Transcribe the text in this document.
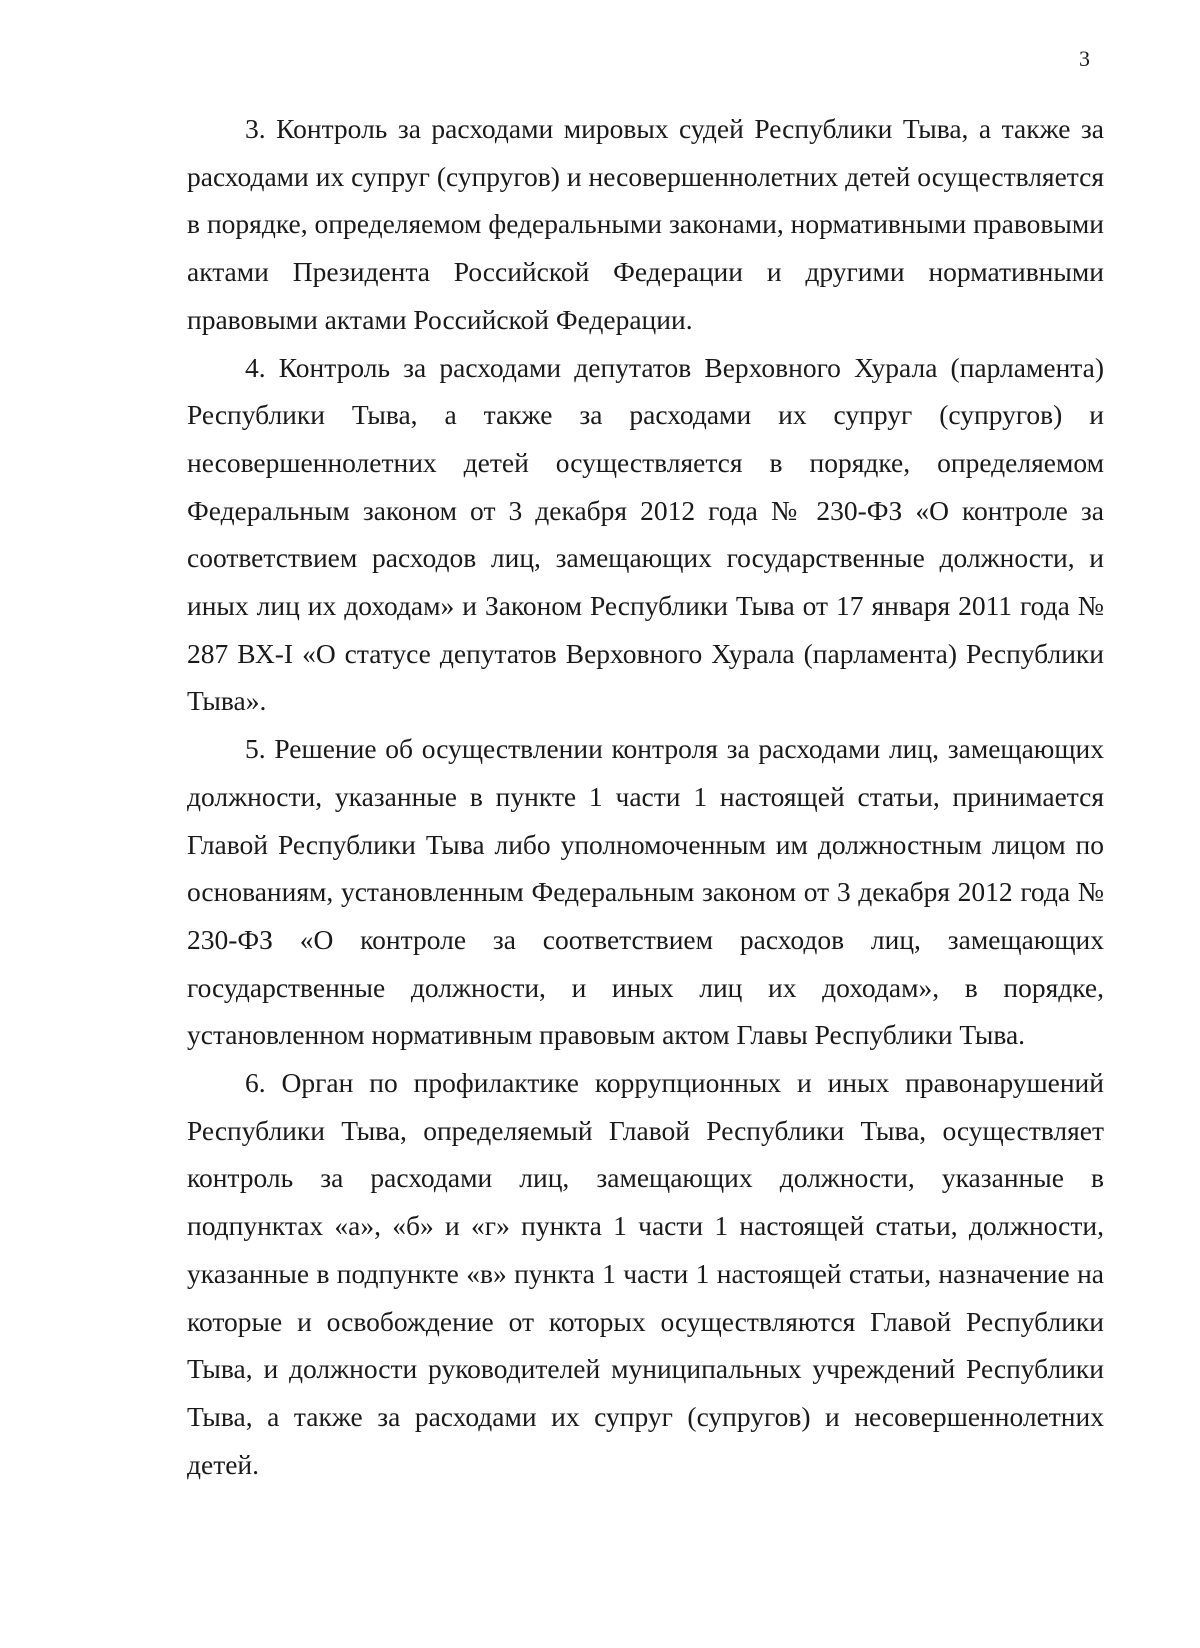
3

3. Контроль за расходами мировых судей Республики Тыва, а также за расходами их супруг (супругов) и несовершеннолетних детей осуществляется в порядке, определяемом федеральными законами, нормативными правовыми актами Президента Российской Федерации и другими нормативными правовыми актами Российской Федерации.

4. Контроль за расходами депутатов Верховного Хурала (парламента) Республики Тыва, а также за расходами их супруг (супругов) и несовершеннолетних детей осуществляется в порядке, определяемом Федеральным законом от 3 декабря 2012 года № 230-ФЗ «О контроле за соответствием расходов лиц, замещающих государственные должности, и иных лиц их доходам» и Законом Республики Тыва от 17 января 2011 года № 287 ВХ-I «О статусе депутатов Верховного Хурала (парламента) Республики Тыва».

5. Решение об осуществлении контроля за расходами лиц, замещающих должности, указанные в пункте 1 части 1 настоящей статьи, принимается Главой Республики Тыва либо уполномоченным им должностным лицом по основаниям, установленным Федеральным законом от 3 декабря 2012 года № 230-ФЗ «О контроле за соответствием расходов лиц, замещающих государственные должности, и иных лиц их доходам», в порядке, установленном нормативным правовым актом Главы Республики Тыва.

6. Орган по профилактике коррупционных и иных правонарушений Республики Тыва, определяемый Главой Республики Тыва, осуществляет контроль за расходами лиц, замещающих должности, указанные в подпунктах «а», «б» и «г» пункта 1 части 1 настоящей статьи, должности, указанные в подпункте «в» пункта 1 части 1 настоящей статьи, назначение на которые и освобождение от которых осуществляются Главой Республики Тыва, и должности руководителей муниципальных учреждений Республики Тыва, а также за расходами их супруг (супругов) и несовершеннолетних детей.
